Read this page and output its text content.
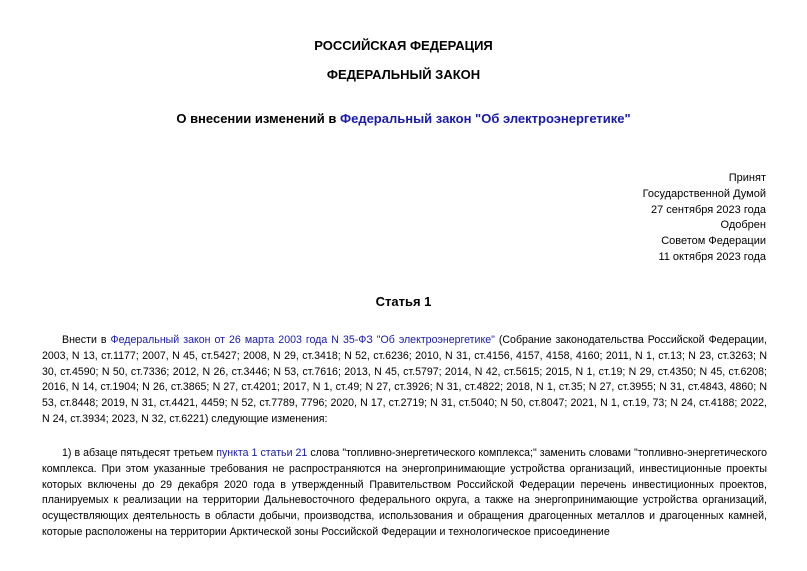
РОССИЙСКАЯ ФЕДЕРАЦИЯ
ФЕДЕРАЛЬНЫЙ ЗАКОН
О внесении изменений в Федеральный закон "Об электроэнергетике"
Принят
Государственной Думой
27 сентября 2023 года
Одобрен
Советом Федерации
11 октября 2023 года
Статья 1
Внести в Федеральный закон от 26 марта 2003 года N 35-ФЗ "Об электроэнергетике" (Собрание законодательства Российской Федерации, 2003, N 13, ст.1177; 2007, N 45, ст.5427; 2008, N 29, ст.3418; N 52, ст.6236; 2010, N 31, ст.4156, 4157, 4158, 4160; 2011, N 1, ст.13; N 23, ст.3263; N 30, ст.4590; N 50, ст.7336; 2012, N 26, ст.3446; N 53, ст.7616; 2013, N 45, ст.5797; 2014, N 42, ст.5615; 2015, N 1, ст.19; N 29, ст.4350; N 45, ст.6208; 2016, N 14, ст.1904; N 26, ст.3865; N 27, ст.4201; 2017, N 1, ст.49; N 27, ст.3926; N 31, ст.4822; 2018, N 1, ст.35; N 27, ст.3955; N 31, ст.4843, 4860; N 53, ст.8448; 2019, N 31, ст.4421, 4459; N 52, ст.7789, 7796; 2020, N 17, ст.2719; N 31, ст.5040; N 50, ст.8047; 2021, N 1, ст.19, 73; N 24, ст.4188; 2022, N 24, ст.3934; 2023, N 32, ст.6221) следующие изменения:
1) в абзаце пятьдесят третьем пункта 1 статьи 21 слова "топливно-энергетического комплекса;" заменить словами "топливно-энергетического комплекса. При этом указанные требования не распространяются на энергопринимающие устройства организаций, инвестиционные проекты которых включены до 29 декабря 2020 года в утвержденный Правительством Российской Федерации перечень инвестиционных проектов, планируемых к реализации на территории Дальневосточного федерального округа, а также на энергопринимающие устройства организаций, осуществляющих деятельность в области добычи, производства, использования и обращения драгоценных металлов и драгоценных камней, которые расположены на территории Арктической зоны Российской Федерации и технологическое присоединение
